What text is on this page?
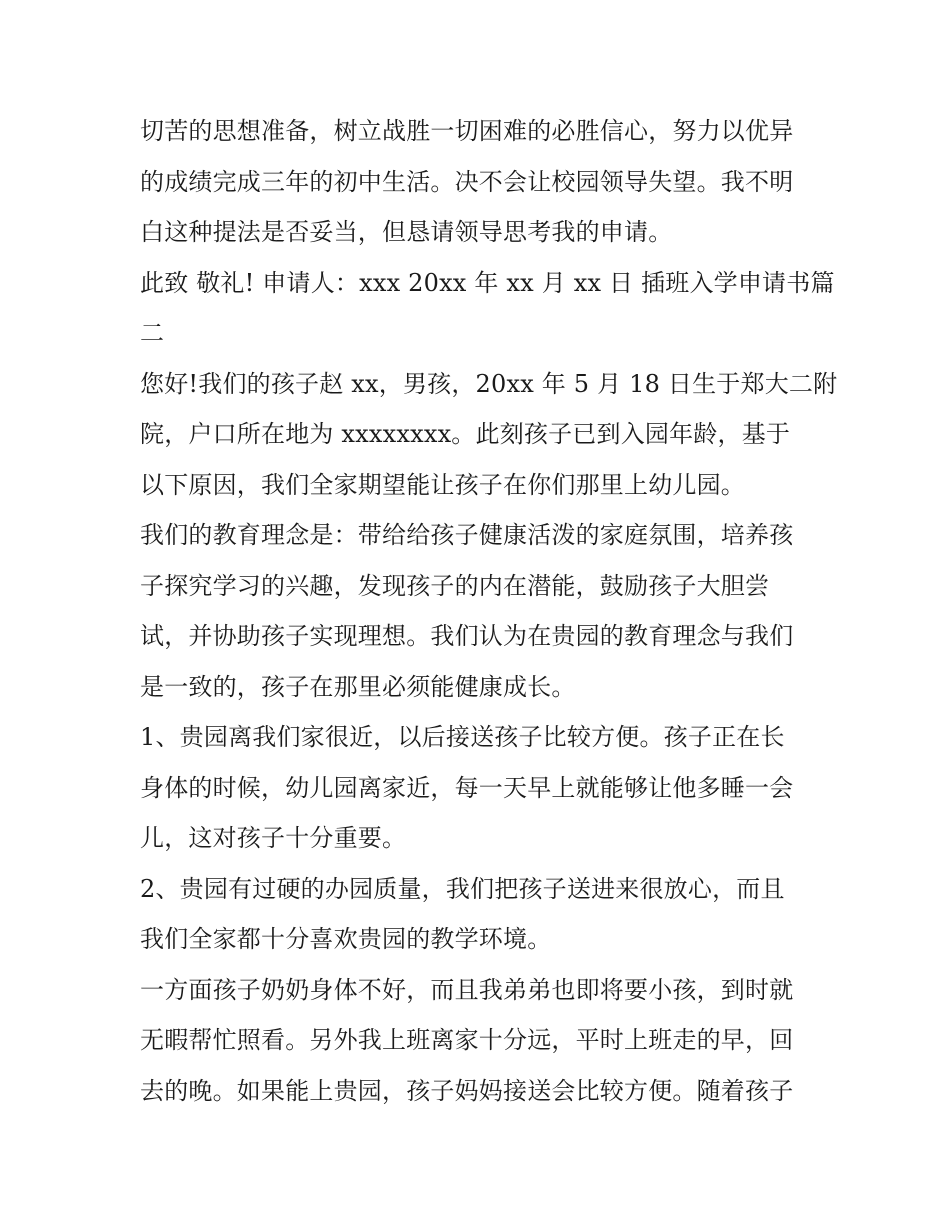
切苦的思想准备，树立战胜一切困难的必胜信心，努力以优异
的成绩完成三年的初中生活。决不会让校园领导失望。我不明
白这种提法是否妥当，但恳请领导思考我的申请。
此致 敬礼! 申请人：xxx 20xx 年 xx 月 xx 日 插班入学申请书篇
二
您好!我们的孩子赵 xx，男孩，20xx 年 5 月 18 日生于郑大二附
院，户口所在地为 xxxxxxxx。此刻孩子已到入园年龄，基于
以下原因，我们全家期望能让孩子在你们那里上幼儿园。
我们的教育理念是：带给给孩子健康活泼的家庭氛围，培养孩
子探究学习的兴趣，发现孩子的内在潜能，鼓励孩子大胆尝
试，并协助孩子实现理想。我们认为在贵园的教育理念与我们
是一致的，孩子在那里必须能健康成长。
1、贵园离我们家很近，以后接送孩子比较方便。孩子正在长
身体的时候，幼儿园离家近，每一天早上就能够让他多睡一会
儿，这对孩子十分重要。
2、贵园有过硬的办园质量，我们把孩子送进来很放心，而且
我们全家都十分喜欢贵园的教学环境。
一方面孩子奶奶身体不好，而且我弟弟也即将要小孩，到时就
无暇帮忙照看。另外我上班离家十分远，平时上班走的早，回
去的晚。如果能上贵园，孩子妈妈接送会比较方便。随着孩子
